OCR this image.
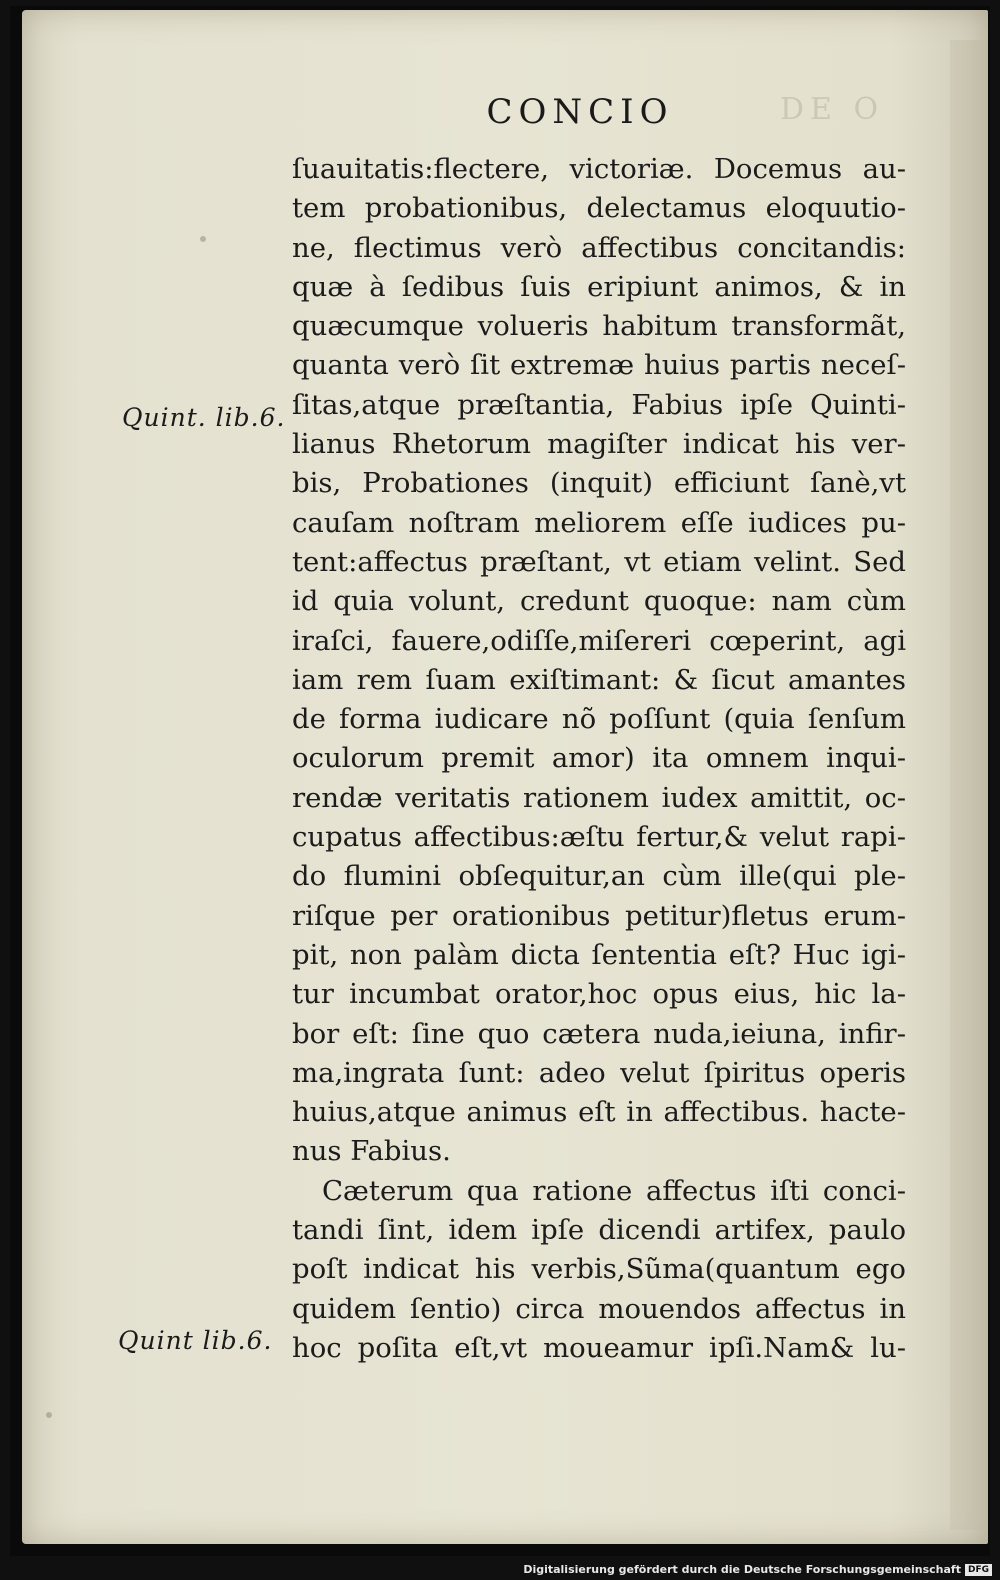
DE O
CONCIO
Quint. lib.6.
Quint lib.6.
ſuauitatis:flectere, victoriæ. Docemus au-
tem probationibus, delectamus eloquutio-
ne, flectimus verò affectibus concitandis:
quæ à ſedibus ſuis eripiunt animos, & in
quæcumque volueris habitum transformãt,
quanta verò ſit extremæ huius partis neceſ-
ſitas,atque præſtantia, Fabius ipſe Quinti-
lianus Rhetorum magiſter indicat his ver-
bis, Probationes (inquit) efficiunt ſanè,vt
cauſam noſtram meliorem eſſe iudices pu-
tent:affectus præſtant, vt etiam velint. Sed
id quia volunt, credunt quoque: nam cùm
iraſci, fauere,odiſſe,miſereri cœperint, agi
iam rem ſuam exiſtimant: & ſicut amantes
de forma iudicare nõ poſſunt (quia ſenſum
oculorum premit amor) ita omnem inqui-
rendæ veritatis rationem iudex amittit, oc-
cupatus affectibus:æſtu fertur,& velut rapi-
do flumini obſequitur,an cùm ille(qui ple-
riſque per orationibus petitur)fletus erum-
pit, non palàm dicta ſententia eſt? Huc igi-
tur incumbat orator,hoc opus eius, hic la-
bor eſt: ſine quo cætera nuda,ieiuna, infir-
ma,ingrata ſunt: adeo velut ſpiritus operis
huius,atque animus eſt in affectibus. hacte-
nus Fabius.
Cæterum qua ratione affectus iſti conci-
tandi ſint, idem ipſe dicendi artifex, paulo
poſt indicat his verbis,Sũma(quantum ego
quidem ſentio) circa mouendos affectus in
hoc poſita eſt,vt moueamur ipſi.Nam& lu-
Digitalisierung gefördert durch die Deutsche Forschungsgemeinschaft DFG
